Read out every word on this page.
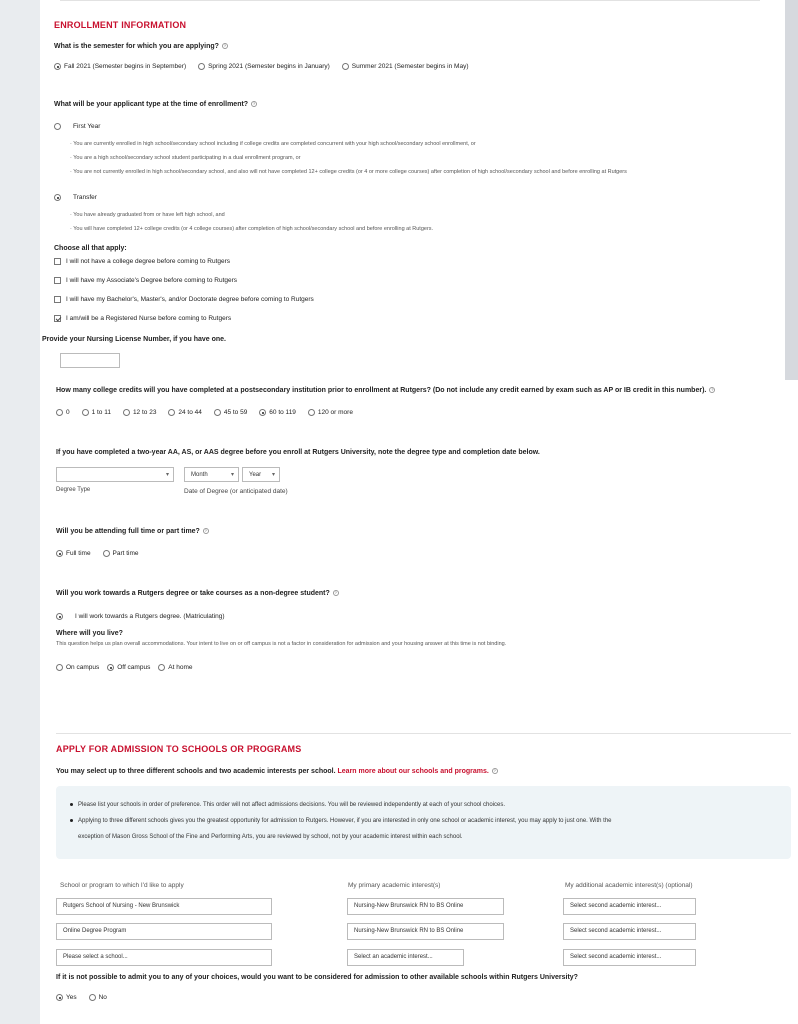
ENROLLMENT INFORMATION
What is the semester for which you are applying? ?
Fall 2021 (Semester begins in September)
	Spring 2021 (Semester begins in January)
	Summer 2021 (Semester begins in May)
What will be your applicant type at the time of enrollment? ?
First Year
· You are currently enrolled in high school/secondary school including if college credits are completed concurrent with your high school/secondary school enrollment, or
· You are a high school/secondary school student participating in a dual enrollment program, or
· You are not currently enrolled in high school/secondary school, and also will not have completed 12+ college credits (or 4 or more college courses) after completion of high school/secondary school and before enrolling at Rutgers
Transfer
· You have already graduated from or have left high school, and
· You will have completed 12+ college credits (or 4 college courses) after completion of high school/secondary school and before enrolling at Rutgers.
Choose all that apply:
I will not have a college degree before coming to Rutgers
I will have my Associate's Degree before coming to Rutgers
I will have my Bachelor's, Master's, and/or Doctorate degree before coming to Rutgers
I am/will be a Registered Nurse before coming to Rutgers
Provide your Nursing License Number, if you have one.
How many college credits will you have completed at a postsecondary institution prior to enrollment at Rutgers? (Do not include any credit earned by exam such as AP or IB credit in this number). ?
0
	1 to 11
	12 to 23
	24 to 44
	45 to 59
	60 to 119
	120 or more
If you have completed a two-year AA, AS, or AAS degree before you enroll at Rutgers University, note the degree type and completion date below.
▾
Degree Type
Month	▾	Year ▾
Date of Degree (or anticipated date)
Will you be attending full time or part time? ?
Full time
	Part time
Will you work towards a Rutgers degree or take courses as a non-degree student? ?
I will work towards a Rutgers degree. (Matriculating)
Where will you live?
This question helps us plan overall accommodations. Your intent to live on or off campus is not a factor in consideration for admission and your housing answer at this time is not binding.
On campus
	Off campus
	At home
APPLY FOR ADMISSION TO SCHOOLS OR PROGRAMS
You may select up to three different schools and two academic interests per school. Learn more about our schools and programs. ?
Please list your schools in order of preference. This order will not affect admissions decisions. You will be reviewed independently at each of your school choices.
Applying to three different schools gives you the greatest opportunity for admission to Rutgers. However, if you are interested in only one school or academic interest, you may apply to just one. With the
exception of Mason Gross School of the Fine and Performing Arts, you are reviewed by school, not by your academic interest within each school.
School or program to which I'd like to apply	My primary academic interest(s)	My additional academic interest(s) (optional)
Rutgers School of Nursing - New Brunswick	Nursing-New Brunswick RN to BS Online	Select second academic interest...
Online Degree Program	Nursing-New Brunswick RN to BS Online	Select second academic interest...
Please select a school...	Select an academic interest...	Select second academic interest...
If it is not possible to admit you to any of your choices, would you want to be considered for admission to other available schools within Rutgers University?
Yes
	No
